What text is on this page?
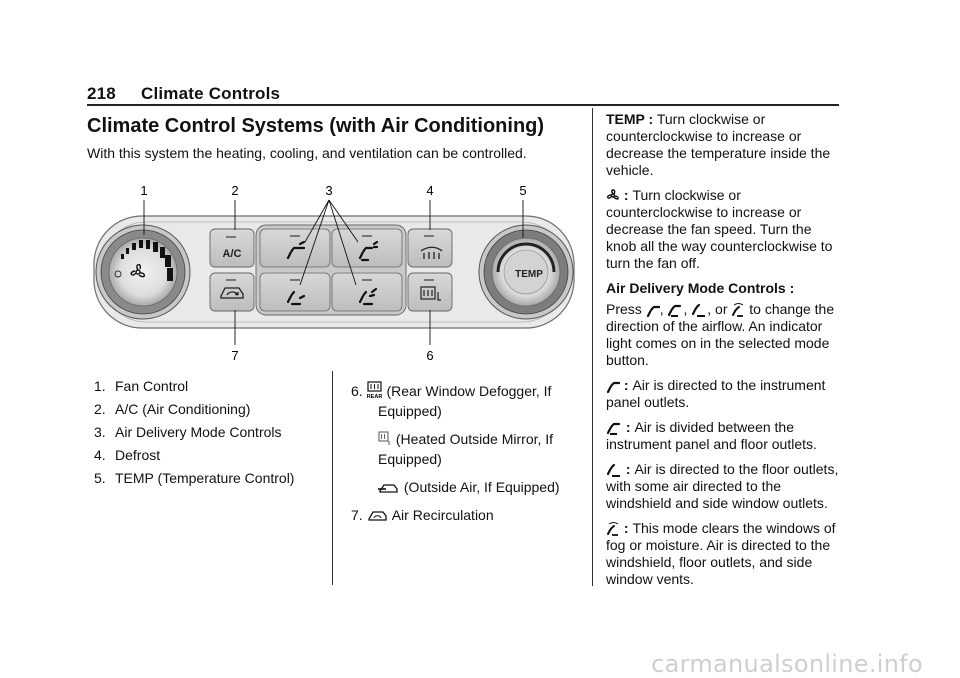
218 Climate Controls
Climate Control Systems (with Air Conditioning)
With this system the heating, cooling, and ventilation can be controlled.
1	2	3	4	5
7	6
A/C
TEMP
1. Fan Control
2. A/C (Air Conditioning)
3. Air Delivery Mode Controls
4. Defrost
5. TEMP (Temperature Control)
6. REAR (Rear Window Defogger, If
Equipped)
(Heated Outside Mirror, If
Equipped)
(Outside Air, If Equipped)
7. Air Recirculation

TEMP : Turn clockwise or counterclockwise to increase or decrease the temperature inside the vehicle.

: Turn clockwise or counterclockwise to increase or decrease the fan speed. Turn the knob all the way counterclockwise to turn the fan off.

Air Delivery Mode Controls :

Press , , , or to change the direction of the airflow. An indicator light comes on in the selected mode button.

: Air is directed to the instrument panel outlets.

: Air is divided between the instrument panel and floor outlets.

: Air is directed to the floor outlets, with some air directed to the windshield and side window outlets.

: This mode clears the windows of fog or moisture. Air is directed to the windshield, floor outlets, and side window vents.

carmanualsonline.info
